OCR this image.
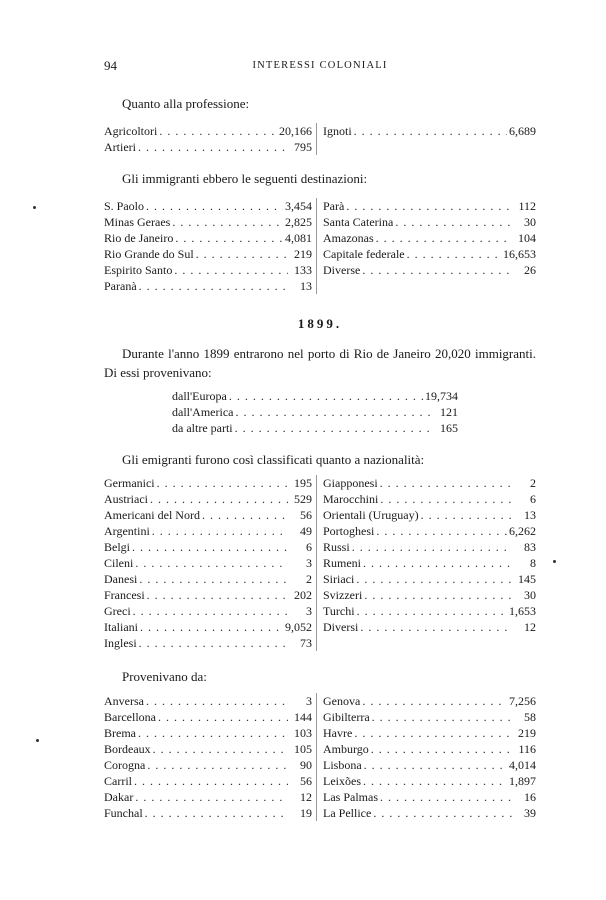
94	INTERESSI COLONIALI
Quanto alla professione:
Agricoltori . . .	20,166
Artieri . . .	795
Ignoti . . .	6,689
Gli immigranti ebbero le seguenti destinazioni:
S. Paolo . . .	3,454
Minas Geraes . . .	2,825
Rio de Janeiro . . .	4,081
Rio Grande do Sul . . .	219
Espirito Santo . . .	133
Paranà . . .	13
Parà . . .	112
Santa Caterina . . .	30
Amazonas . . .	104
Capitale federale . . .	16,653
Diverse . . .	26
1899.
Durante l'anno 1899 entrarono nel porto di Rio de Janeiro 20,020 immigranti. Di essi provenivano:
dall'Europa . . .	19,734
dall'America . . .	121
da altre parti . . .	165
Gli emigranti furono così classificati quanto a nazionalità:
Germanici . . .	195
Austriaci . . .	529
Americani del Nord . . .	56
Argentini . . .	49
Belgi . . .	6
Cileni . . .	3
Danesi . . .	2
Francesi . . .	202
Greci . . .	3
Italiani . . .	9,052
Inglesi . . .	73
Giapponesi . . .	2
Marocchini . . .	6
Orientali (Uruguay) . . .	13
Portoghesi . . .	6,262
Russi . . .	83
Rumeni . . .	8
Siriaci . . .	145
Svizzeri . . .	30
Turchi . . .	1,653
Diversi . . .	12
Provenivano da:
Anversa . . .	3
Barcellona . . .	144
Brema . . .	103
Bordeaux . . .	105
Corogna . . .	90
Carril . . .	56
Dakar . . .	12
Funchal . . .	19
Genova . . .	7,256
Gibilterra . . .	58
Havre . . .	219
Amburgo . . .	116
Lisbona . . .	4,014
Leixões . . .	1,897
Las Palmas . . .	16
La Pellice . . .	39
